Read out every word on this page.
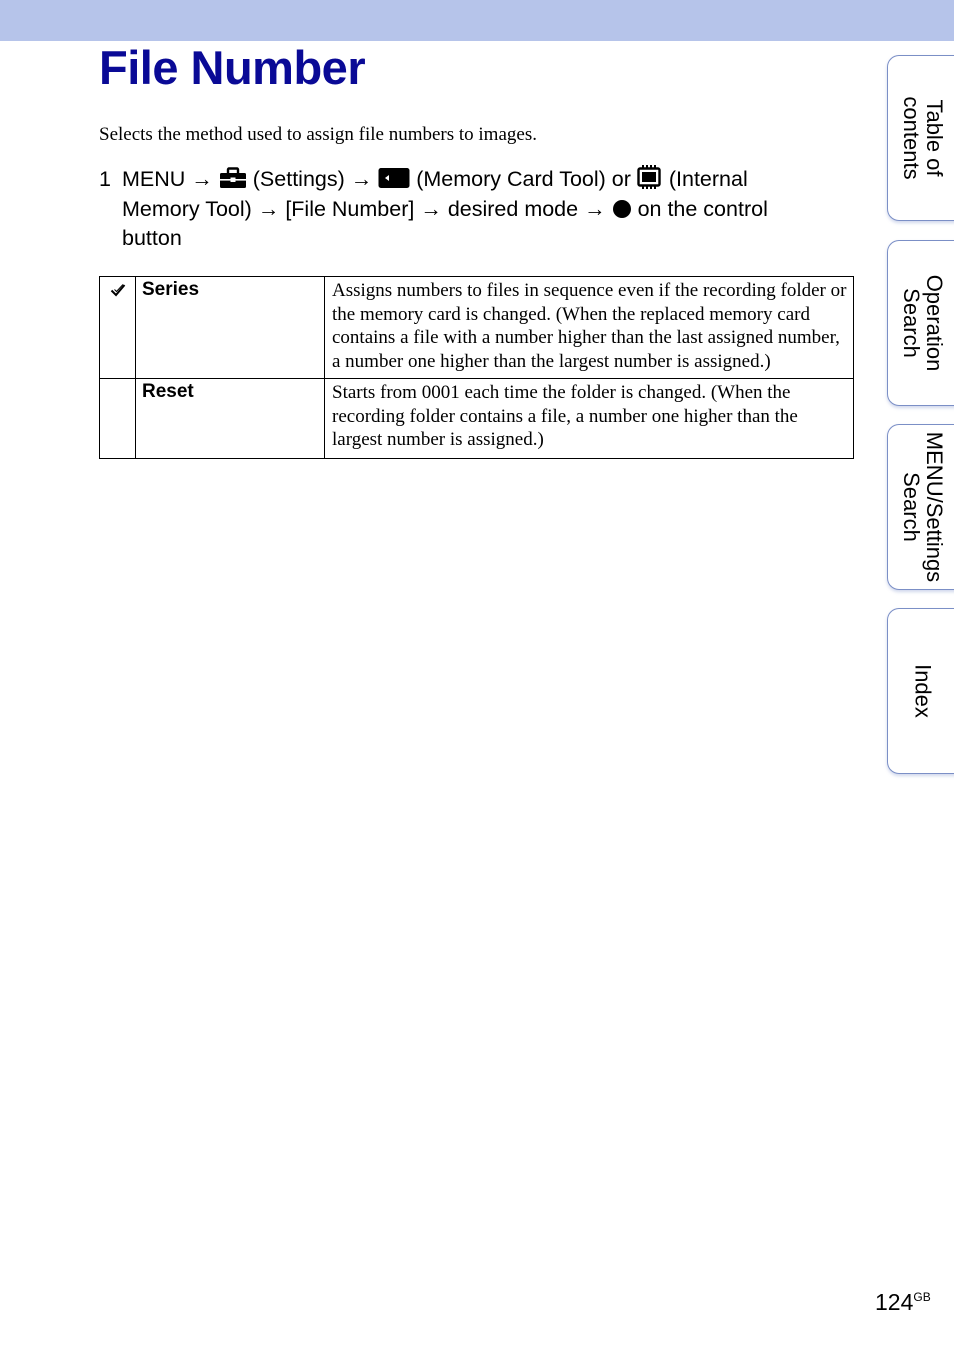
File Number
Selects the method used to assign file numbers to images.
1 MENU → (Settings) → (Memory Card Tool) or (Internal
Memory Tool) → [File Number] → desired mode → on the control
button
	Series	Assigns numbers to files in sequence even if the recording folder or the memory card is changed. (When the replaced memory card contains a file with a number higher than the last assigned number, a number one higher than the largest number is assigned.)
	Reset	Starts from 0001 each time the folder is changed. (When the recording folder contains a file, a number one higher than the largest number is assigned.)
Table of
contents
Operation
Search
MENU/Settings
Search
Index
$124^{GB}$
